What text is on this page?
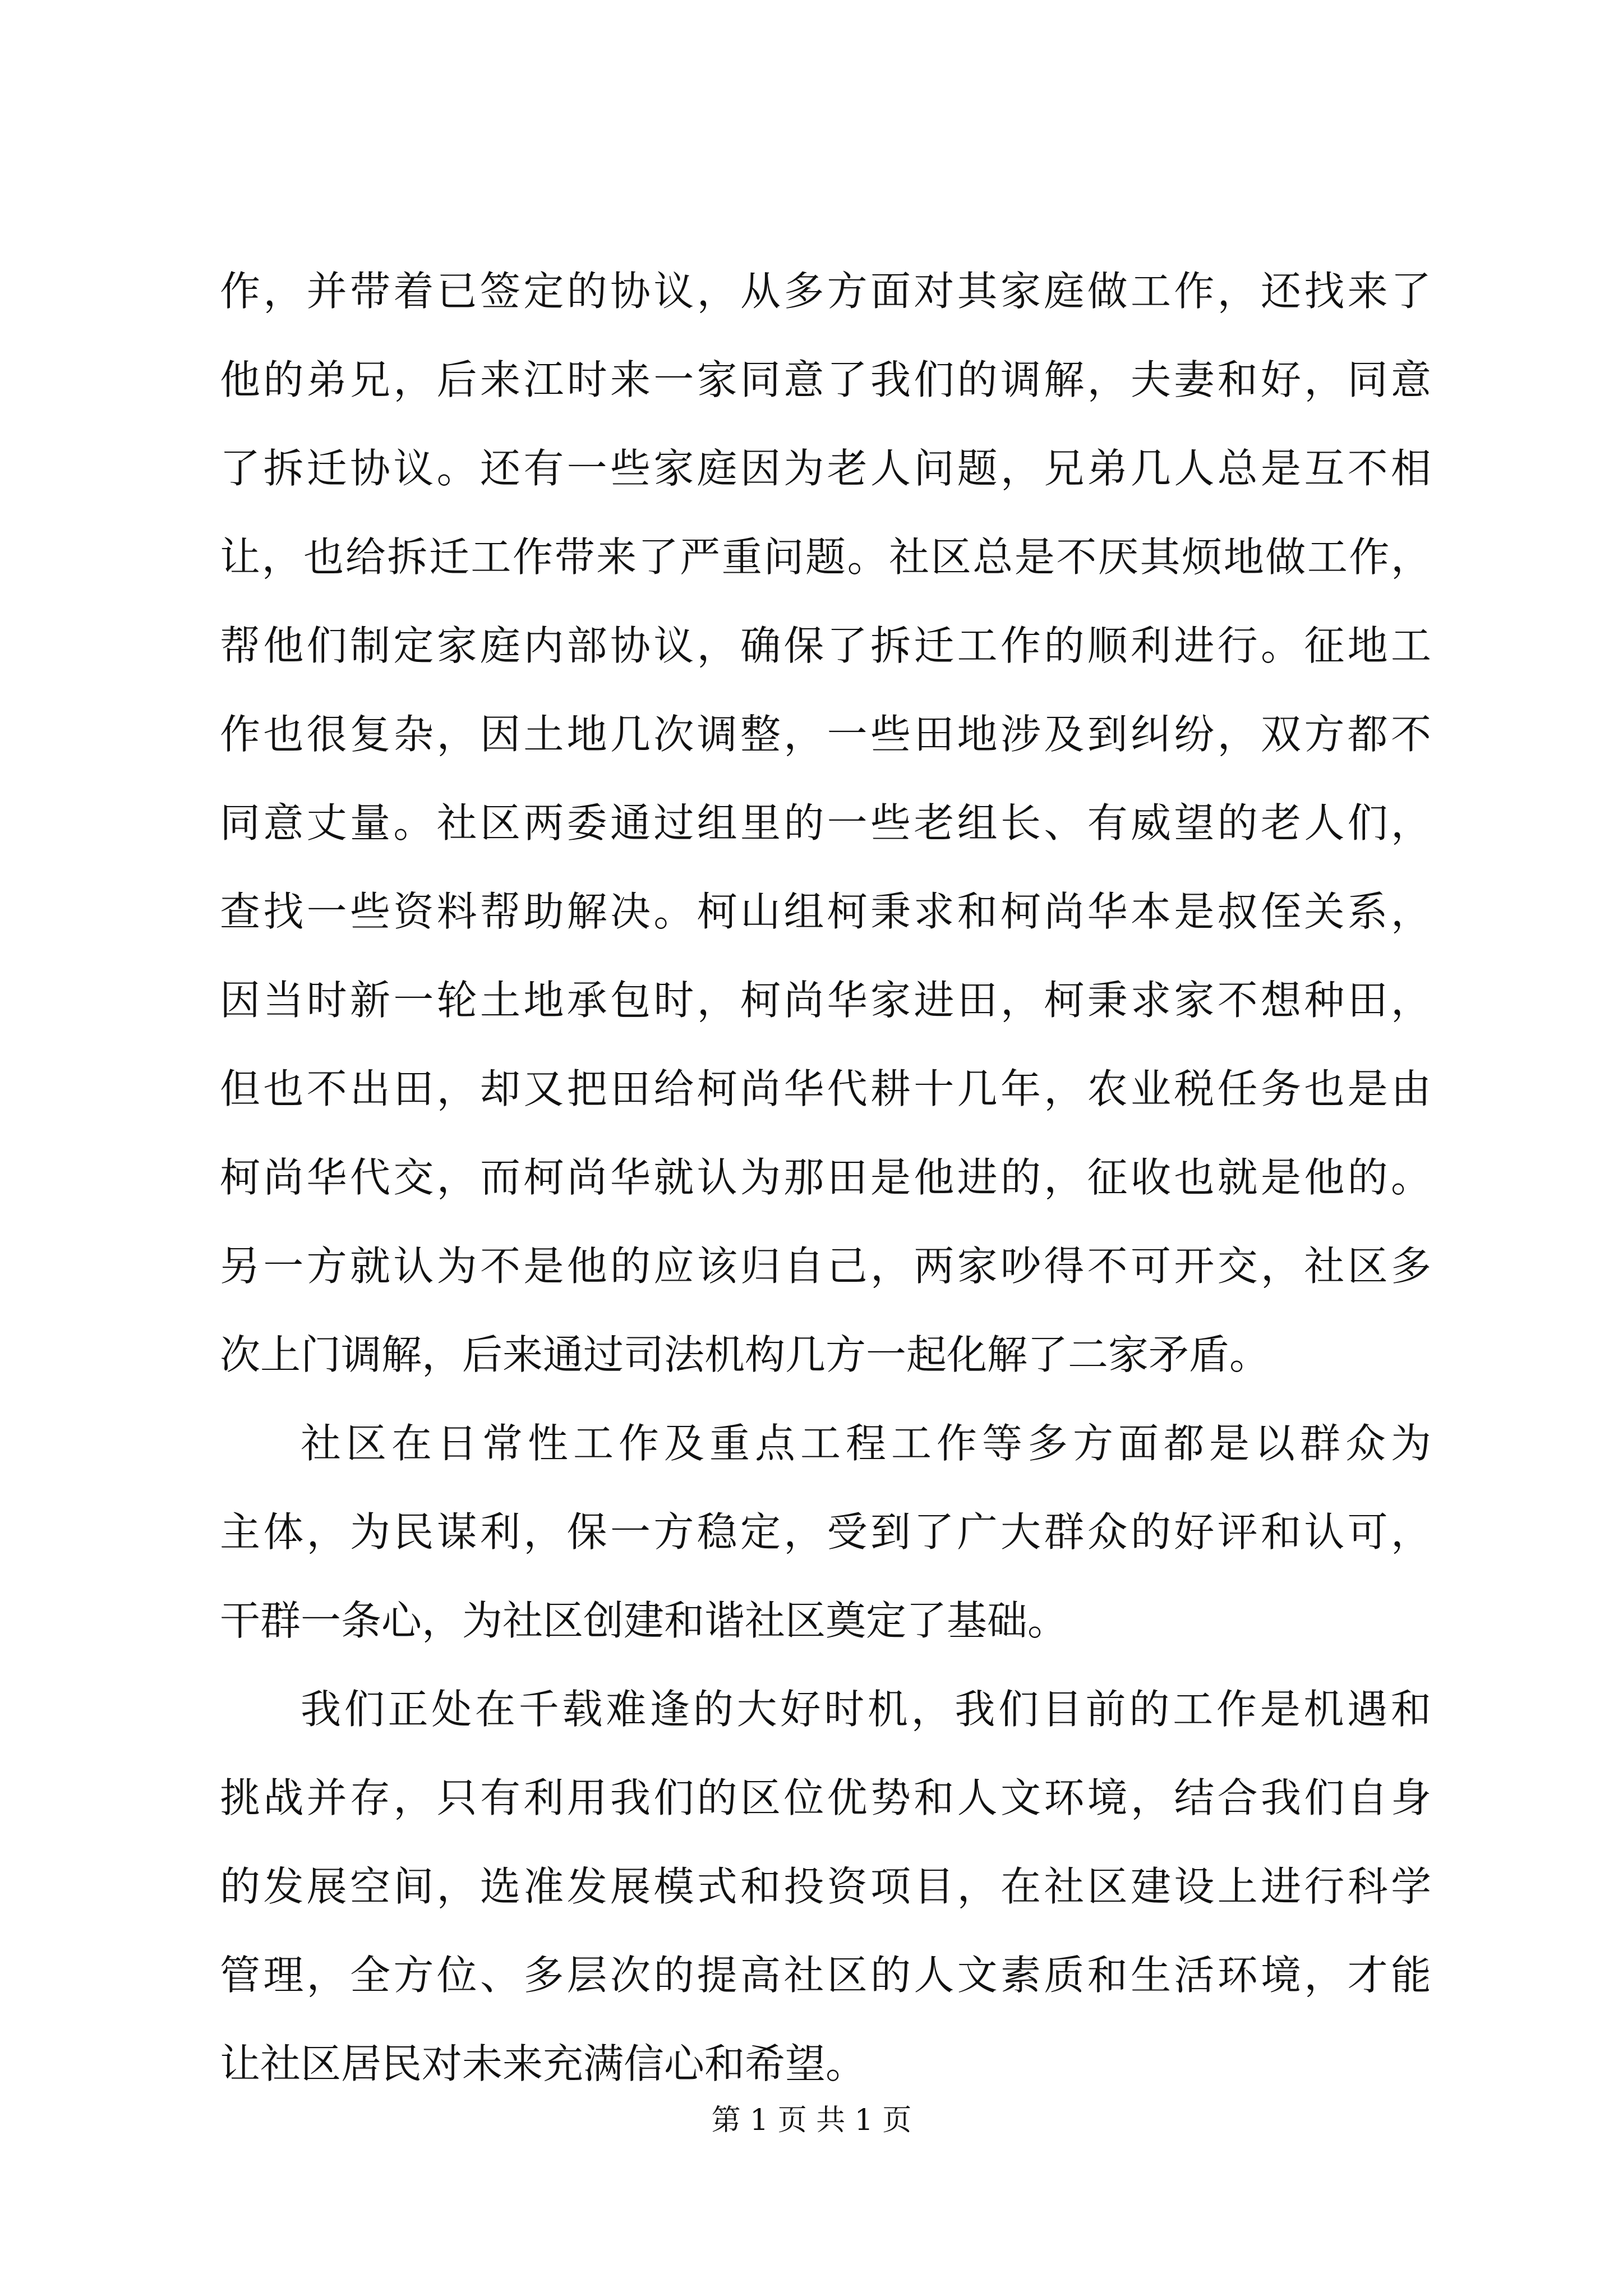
作，并带着已签定的协议，从多方面对其家庭做工作，还找来了
他的弟兄，后来江时来一家同意了我们的调解，夫妻和好，同意
了拆迁协议。还有一些家庭因为老人问题，兄弟几人总是互不相
让，也给拆迁工作带来了严重问题。社区总是不厌其烦地做工作，
帮他们制定家庭内部协议，确保了拆迁工作的顺利进行。征地工
作也很复杂，因土地几次调整，一些田地涉及到纠纷，双方都不
同意丈量。社区两委通过组里的一些老组长、有威望的老人们，
查找一些资料帮助解决。柯山组柯秉求和柯尚华本是叔侄关系，
因当时新一轮土地承包时，柯尚华家进田，柯秉求家不想种田，
但也不出田，却又把田给柯尚华代耕十几年，农业税任务也是由
柯尚华代交，而柯尚华就认为那田是他进的，征收也就是他的。
另一方就认为不是他的应该归自己，两家吵得不可开交，社区多
次上门调解，后来通过司法机构几方一起化解了二家矛盾。
社区在日常性工作及重点工程工作等多方面都是以群众为
主体，为民谋利，保一方稳定，受到了广大群众的好评和认可，
干群一条心，为社区创建和谐社区奠定了基础。
我们正处在千载难逢的大好时机，我们目前的工作是机遇和
挑战并存，只有利用我们的区位优势和人文环境，结合我们自身
的发展空间，选准发展模式和投资项目，在社区建设上进行科学
管理，全方位、多层次的提高社区的人文素质和生活环境，才能
让社区居民对未来充满信心和希望。
第 1 页 共 1 页
